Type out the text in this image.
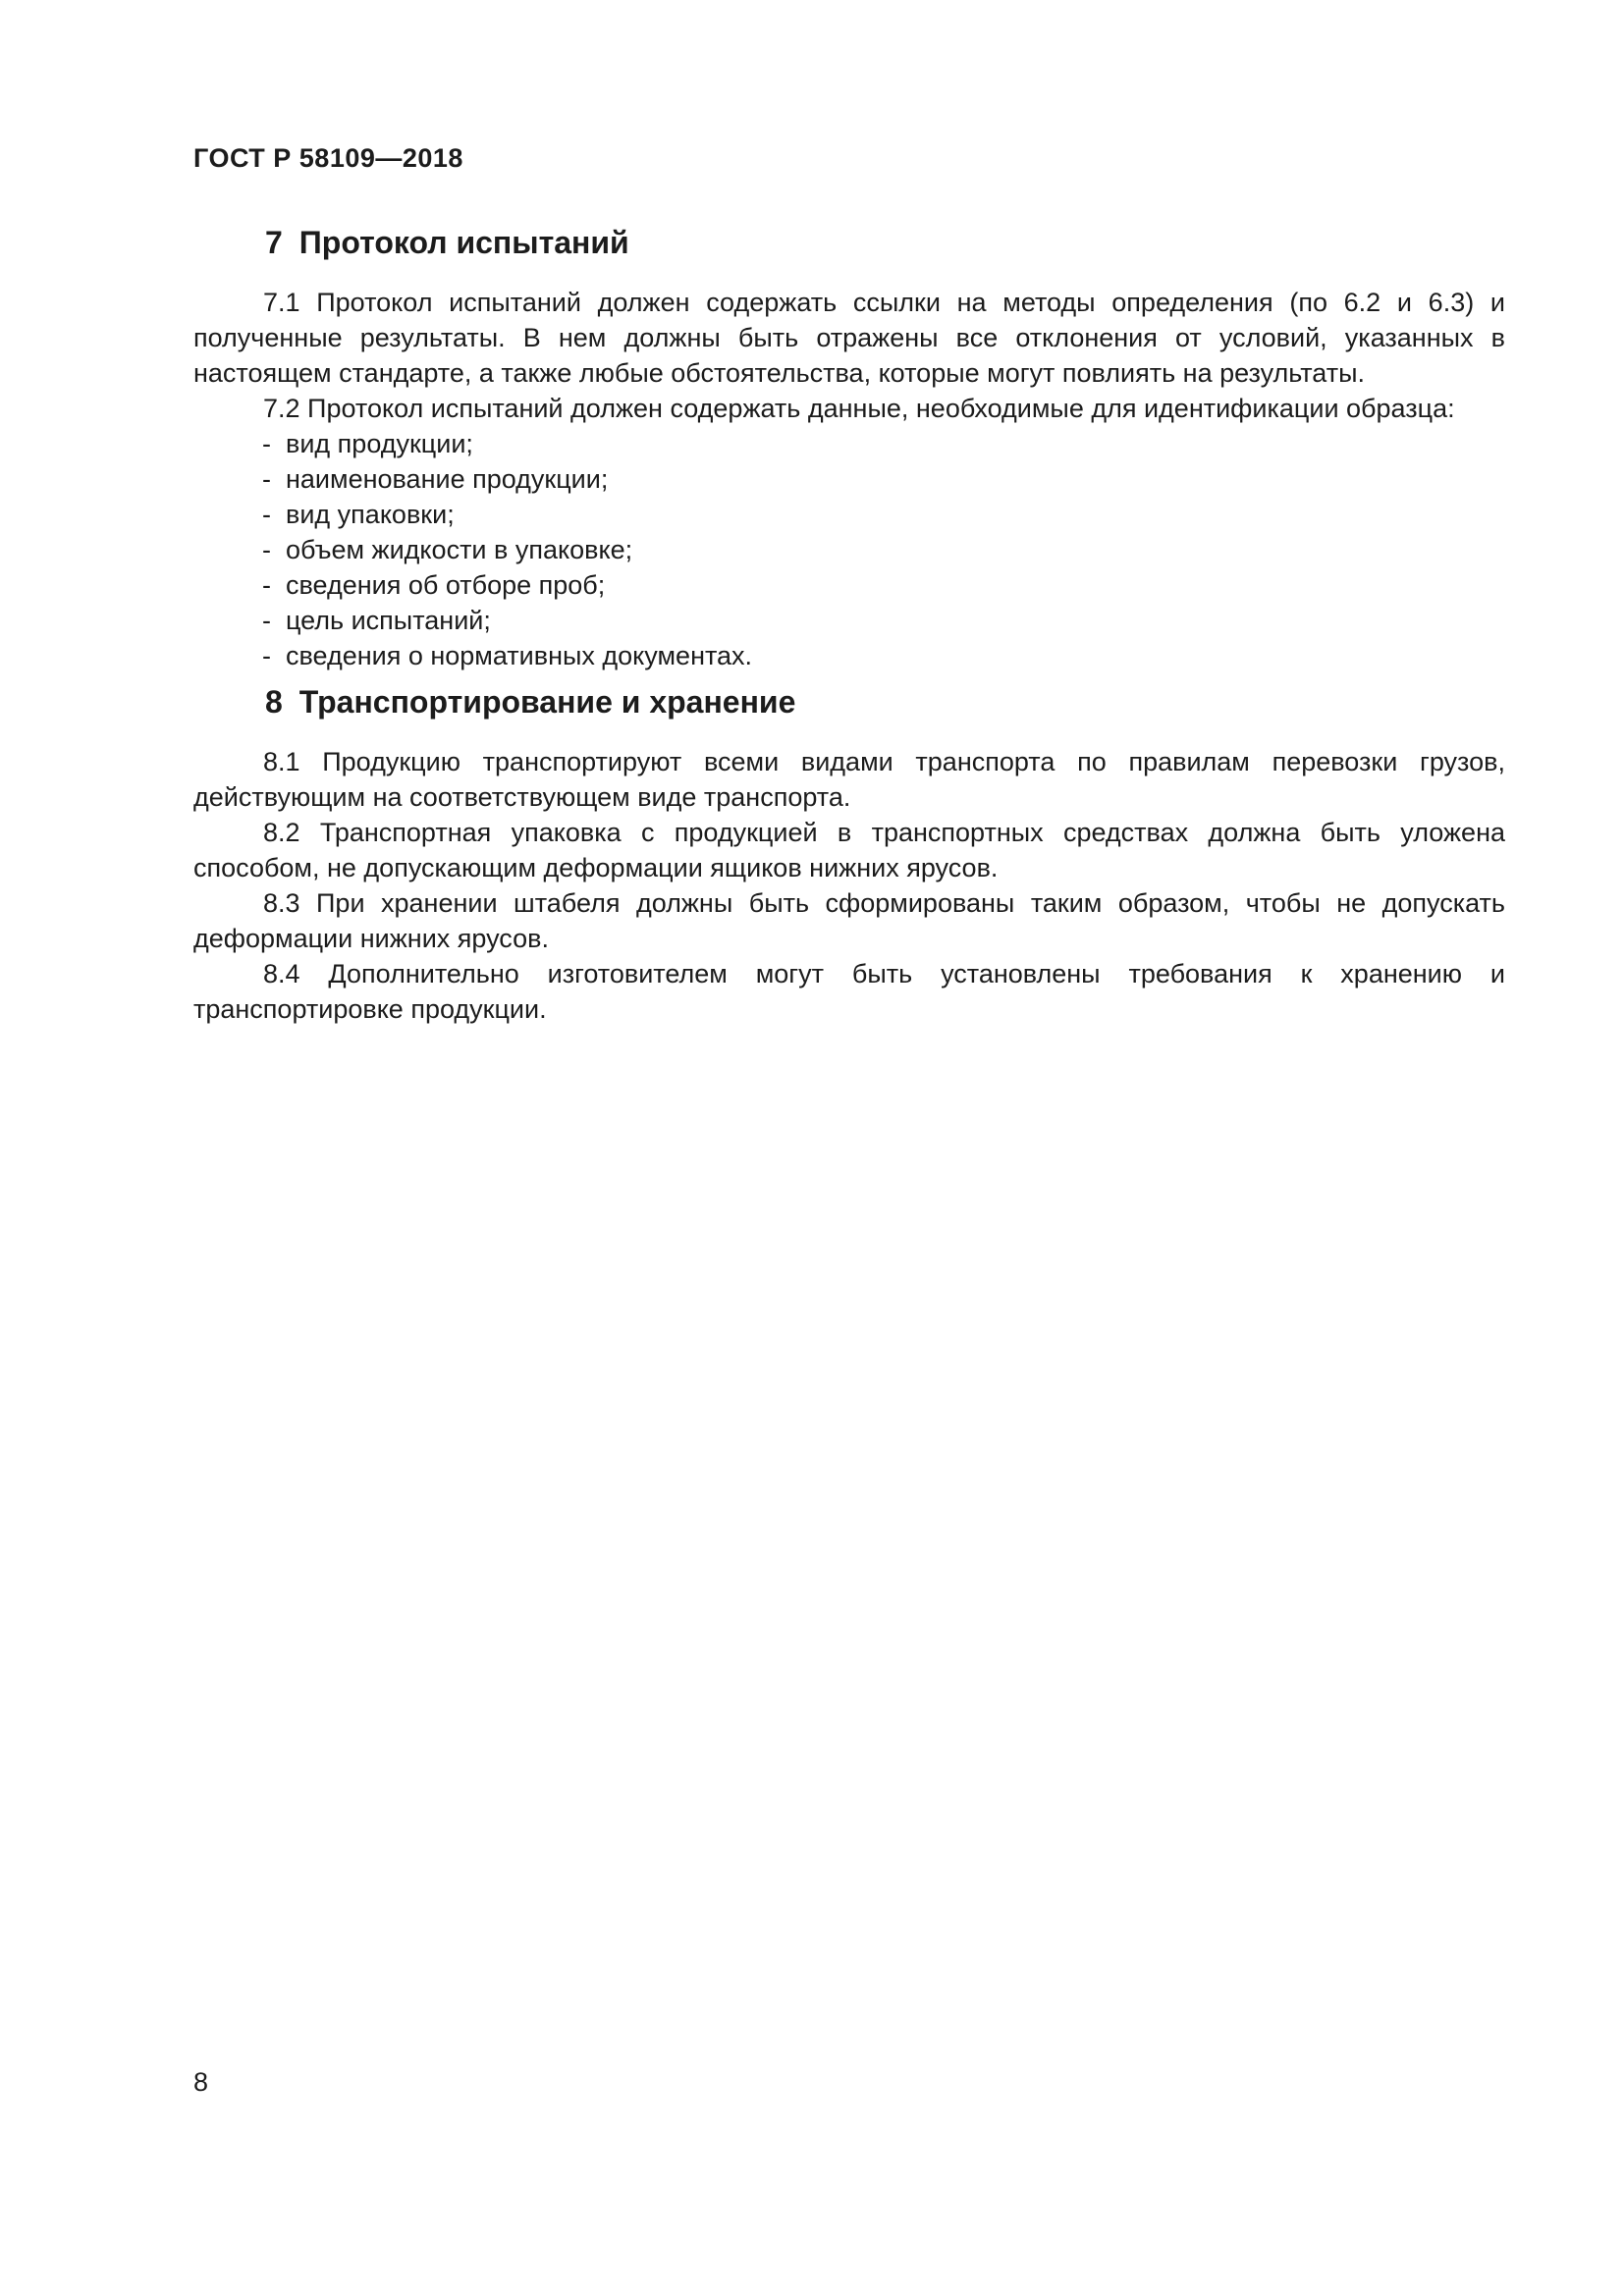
ГОСТ Р 58109—2018
7 Протокол испытаний

7.1 Протокол испытаний должен содержать ссылки на методы определения (по 6.2 и 6.3) и полученные результаты. В нем должны быть отражены все отклонения от условий, указанных в настоящем стандарте, а также любые обстоятельства, которые могут повлиять на результаты.

7.2 Протокол испытаний должен содержать данные, необходимые для идентификации образца:

- вид продукции;
- наименование продукции;
- вид упаковки;
- объем жидкости в упаковке;
- сведения об отборе проб;
- цель испытаний;
- сведения о нормативных документах.
8 Транспортирование и хранение

8.1 Продукцию транспортируют всеми видами транспорта по правилам перевозки грузов, действующим на соответствующем виде транспорта.

8.2 Транспортная упаковка с продукцией в транспортных средствах должна быть уложена способом, не допускающим деформации ящиков нижних ярусов.

8.3 При хранении штабеля должны быть сформированы таким образом, чтобы не допускать деформации нижних ярусов.

8.4 Дополнительно изготовителем могут быть установлены требования к хранению и транспортировке продукции.

8
